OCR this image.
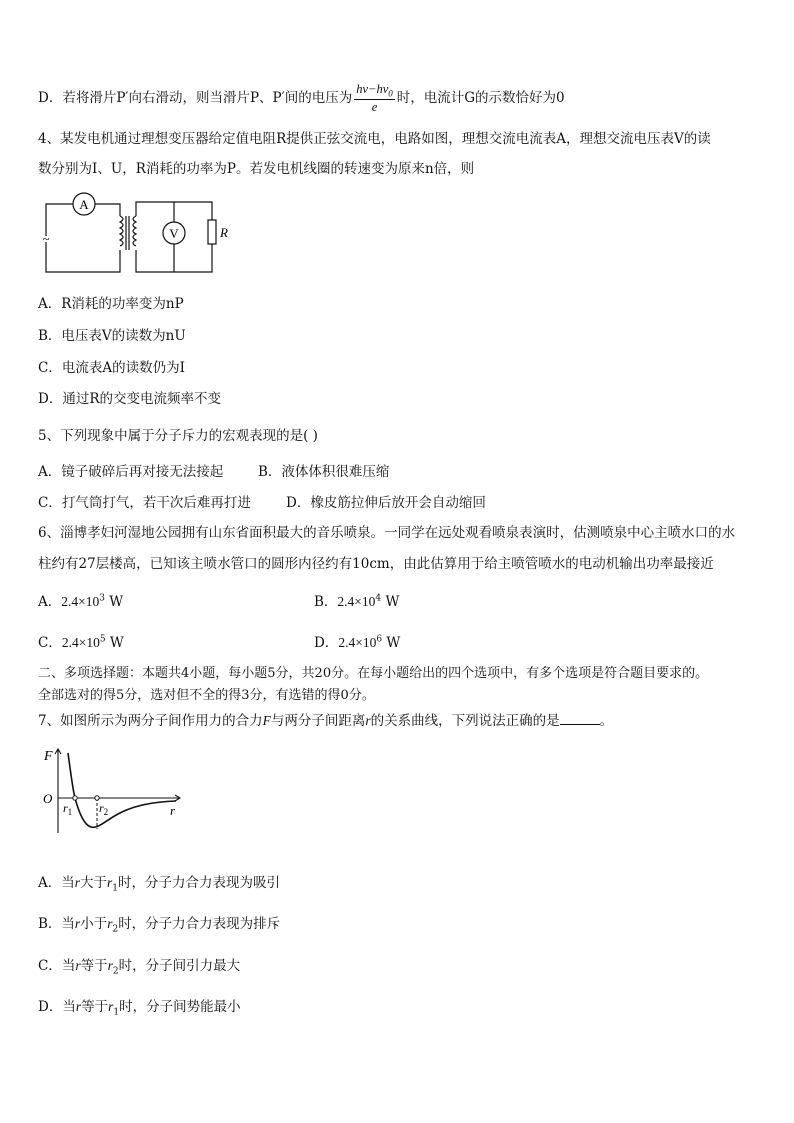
D．若将滑片P′向右滑动，则当滑片P、P′间的电压为 $\frac{h\nu-h\nu_0}{e}$ 时，电流计G的示数恰好为0
4、某发电机通过理想变压器给定值电阻R提供正弦交流电，电路如图，理想交流电流表A，理想交流电压表V的读
数分别为I、U，R消耗的功率为P。若发电机线圈的转速变为原来n倍，则
A
V	R
~
A．R消耗的功率变为nP
B．电压表V的读数为nU
C．电流表A的读数仍为I
D．通过R的交变电流频率不变
5、下列现象中属于分子斥力的宏观表现的是( )
A．镜子破碎后再对接无法接起	B．液体体积很难压缩
C．打气筒打气，若干次后难再打进	D．橡皮筋拉伸后放开会自动缩回
6、淄博孝妇河湿地公园拥有山东省面积最大的音乐喷泉。一同学在远处观看喷泉表演时，估测喷泉中心主喷水口的水
柱约有27层楼高，已知该主喷水管口的圆形内径约有10cm，由此估算用于给主喷管喷水的电动机输出功率最接近
A．$2.4\times 10^3$ W	B．$2.4\times 10^4$ W
C．$2.4\times 10^5$ W	D．$2.4\times 10^6$ W
二、多项选择题：本题共4小题，每小题5分，共20分。在每小题给出的四个选项中，有多个选项是符合题目要求的。
全部选对的得5分，选对但不全的得3分，有选错的得0分。
7、如图所示为两分子间作用力的合力F与两分子间距离r的关系曲线，下列说法正确的是	。
F
O
$r_1$ $r_2$	r
A．当r大于$r_1$时，分子力合力表现为吸引
B．当r小于$r_2$时，分子力合力表现为排斥
C．当r等于$r_2$时，分子间引力最大
D．当r等于$r_1$时，分子间势能最小
